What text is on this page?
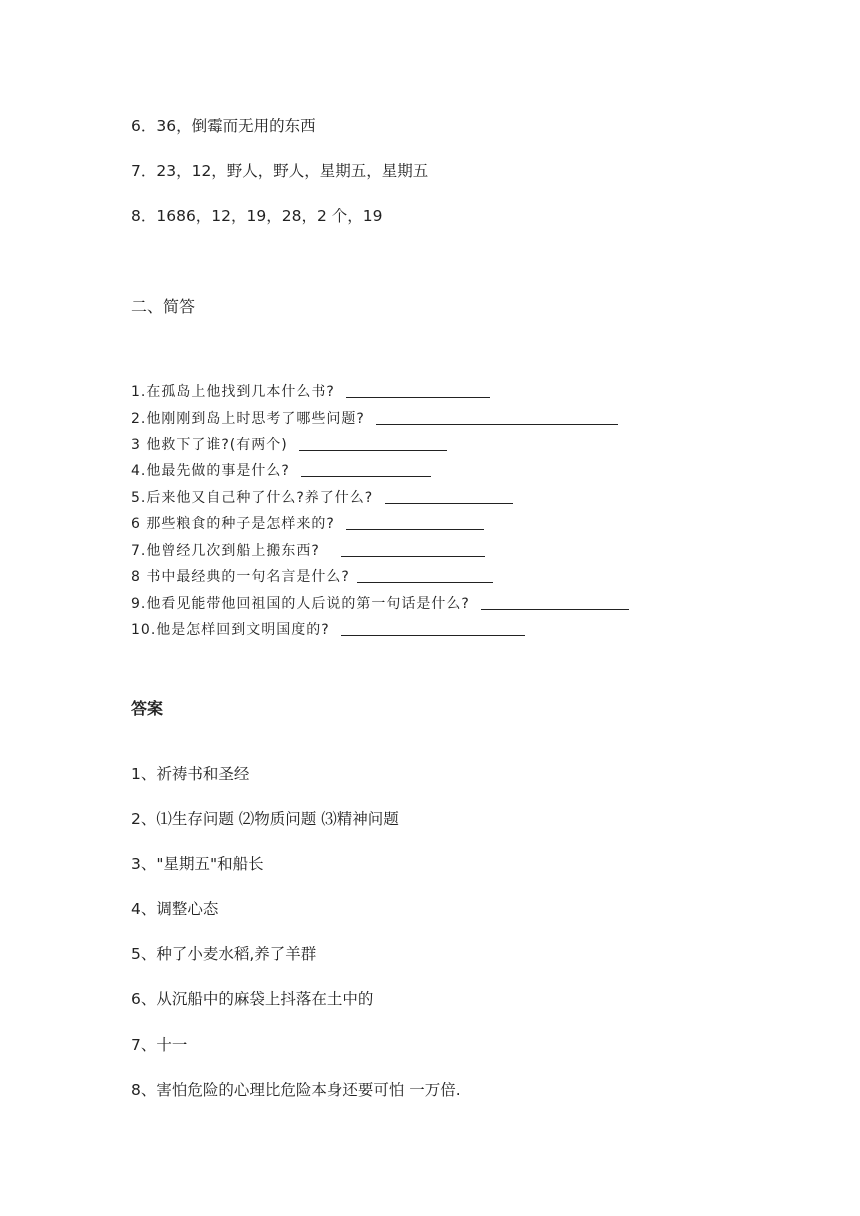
6．36，倒霉而无用的东西
7．23，12，野人，野人，星期五，星期五
8．1686，12，19，28，2 个，19
二、简答
1.在孤岛上他找到几本什么书?
2.他刚刚到岛上时思考了哪些问题?
3 他救下了谁?(有两个)
4.他最先做的事是什么?
5.后来他又自己种了什么?养了什么?
6 那些粮食的种子是怎样来的?
7.他曾经几次到船上搬东西?
8 书中最经典的一句名言是什么?
9.他看见能带他回祖国的人后说的第一句话是什么?
10.他是怎样回到文明国度的?
答案
1、祈祷书和圣经
2、⑴生存问题 ⑵物质问题 ⑶精神问题
3、"星期五"和船长
4、调整心态
5、种了小麦水稻,养了羊群
6、从沉船中的麻袋上抖落在土中的
7、十一
8、害怕危险的心理比危险本身还要可怕 一万倍.
